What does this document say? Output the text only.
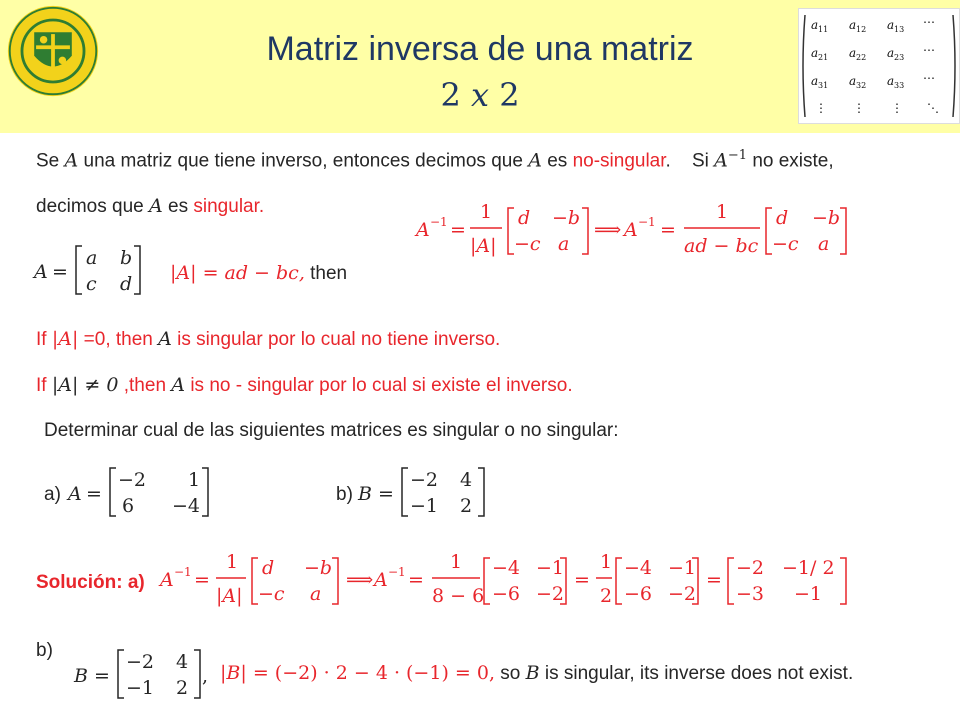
Matriz inversa de una matriz
2 x 2
a 11 a 12 a 13
a 21 a 22 a 23
a 31 a 32 a 33
⋯
⋯
⋯
⋮ ⋮ ⋮ ⋱
Se A una matriz que tiene inverso, entonces decimos que A es no-singular. Si $A^{-1}$ no existe,
decimos que A es singular.
A −1 =
1
|A|
d −b
−c a
⟹ A −1 =
1
ad − bc
d −b
−c a
A =
a b
c d |A| = ad − bc, then
If |A| =0, then A is singular por lo cual no tiene inverso.
If |A| ≠ 0 ,then A is no - singular por lo cual si existe el inverso.
Determinar cual de las siguientes matrices es singular o no singular:
a) A =
−2 1
6 −4
b) B =
−2 4
−1 2
Solución: a) A −1 =
1
|A|
d −b
−c a
⟹ A −1 =
1
8 − 6
−4 −1
−6 −2
=
1
2
−4 −1
−6 −2
=
−2 −1/ 2
−3 −1
b)
B =
−2 4
−1 2
, |B| = (−2) · 2 − 4 · (−1) = 0, so B is singular, its inverse does not exist.
